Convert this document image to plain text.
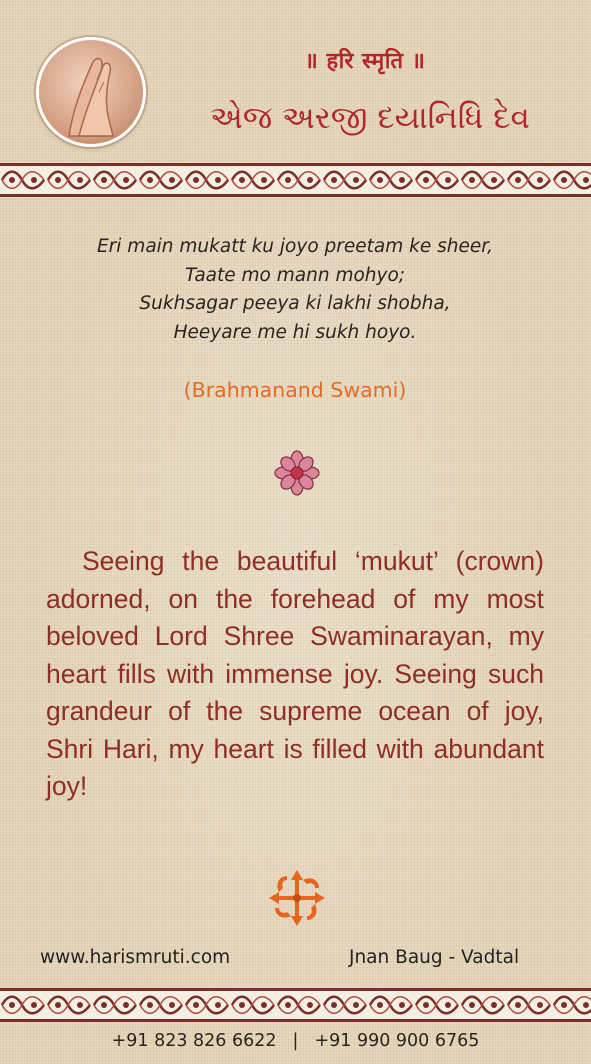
॥ हरि स्मृति ॥
એજ અરજી દયાનિધિ દેવ
Eri main mukatt ku joyo preetam ke sheer,
Taate mo mann mohyo;
Sukhsagar peeya ki lakhi shobha,
Heeyare me hi sukh hoyo.
(Brahmanand Swami)
Seeing the beautiful ‘mukut’ (crown) adorned, on the forehead of my most beloved Lord Shree Swaminarayan, my heart fills with immense joy. Seeing such grandeur of the supreme ocean of joy, Shri Hari, my heart is filled with abundant joy!
www.harismruti.com	Jnan Baug - Vadtal
+91 823 826 6622 | +91 990 900 6765
